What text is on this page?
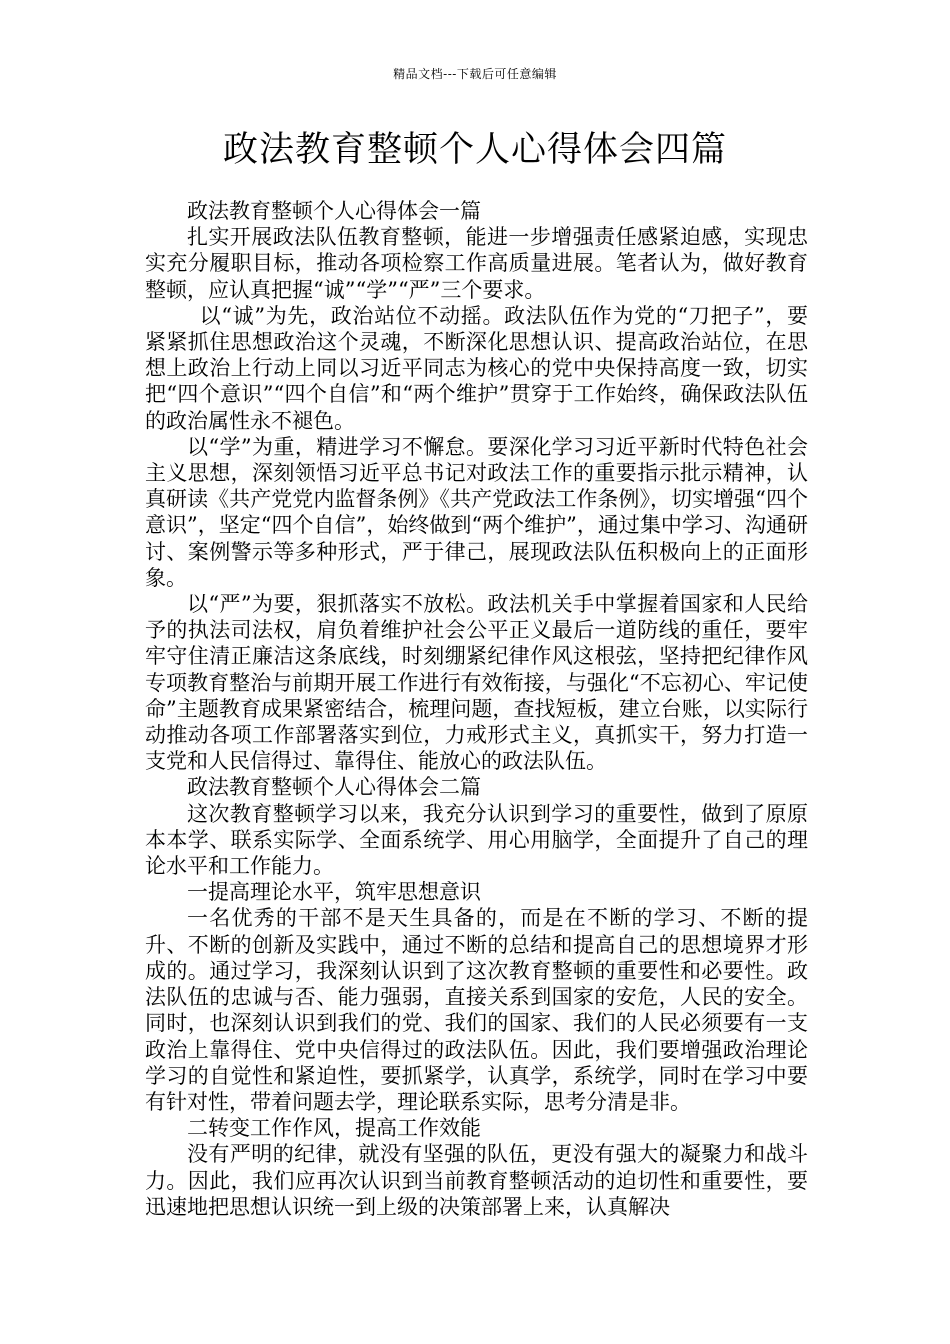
精品文档---下载后可任意编辑
政法教育整顿个人心得体会四篇

政法教育整顿个人心得体会一篇

扎实开展政法队伍教育整顿，能进一步增强责任感紧迫感，实现忠实充分履职目标，推动各项检察工作高质量进展。笔者认为，做好教育整顿，应认真把握“诚”“学”“严”三个要求。

以“诚”为先，政治站位不动摇。政法队伍作为党的“刀把子”，要紧紧抓住思想政治这个灵魂，不断深化思想认识、提高政治站位，在思想上政治上行动上同以习近平同志为核心的党中央保持高度一致，切实把“四个意识”“四个自信”和“两个维护”贯穿于工作始终，确保政法队伍的政治属性永不褪色。

以“学”为重，精进学习不懈怠。要深化学习习近平新时代特色社会主义思想，深刻领悟习近平总书记对政法工作的重要指示批示精神，认真研读《共产党党内监督条例》《共产党政法工作条例》，切实增强“四个意识”，坚定“四个自信”，始终做到“两个维护”，通过集中学习、沟通研讨、案例警示等多种形式，严于律己，展现政法队伍积极向上的正面形象。

以“严”为要，狠抓落实不放松。政法机关手中掌握着国家和人民给予的执法司法权，肩负着维护社会公平正义最后一道防线的重任，要牢牢守住清正廉洁这条底线，时刻绷紧纪律作风这根弦，坚持把纪律作风专项教育整治与前期开展工作进行有效衔接，与强化“不忘初心、牢记使命”主题教育成果紧密结合，梳理问题，查找短板，建立台账，以实际行动推动各项工作部署落实到位，力戒形式主义，真抓实干，努力打造一支党和人民信得过、靠得住、能放心的政法队伍。

政法教育整顿个人心得体会二篇

这次教育整顿学习以来，我充分认识到学习的重要性，做到了原原本本学、联系实际学、全面系统学、用心用脑学，全面提升了自己的理论水平和工作能力。

一提高理论水平，筑牢思想意识

一名优秀的干部不是天生具备的，而是在不断的学习、不断的提升、不断的创新及实践中，通过不断的总结和提高自己的思想境界才形成的。通过学习，我深刻认识到了这次教育整顿的重要性和必要性。政法队伍的忠诚与否、能力强弱，直接关系到国家的安危，人民的安全。同时，也深刻认识到我们的党、我们的国家、我们的人民必须要有一支政治上靠得住、党中央信得过的政法队伍。因此，我们要增强政治理论学习的自觉性和紧迫性，要抓紧学，认真学，系统学，同时在学习中要有针对性，带着问题去学，理论联系实际，思考分清是非。

二转变工作作风，提高工作效能

没有严明的纪律，就没有坚强的队伍，更没有强大的凝聚力和战斗力。因此，我们应再次认识到当前教育整顿活动的迫切性和重要性，要迅速地把思想认识统一到上级的决策部署上来，认真解决
